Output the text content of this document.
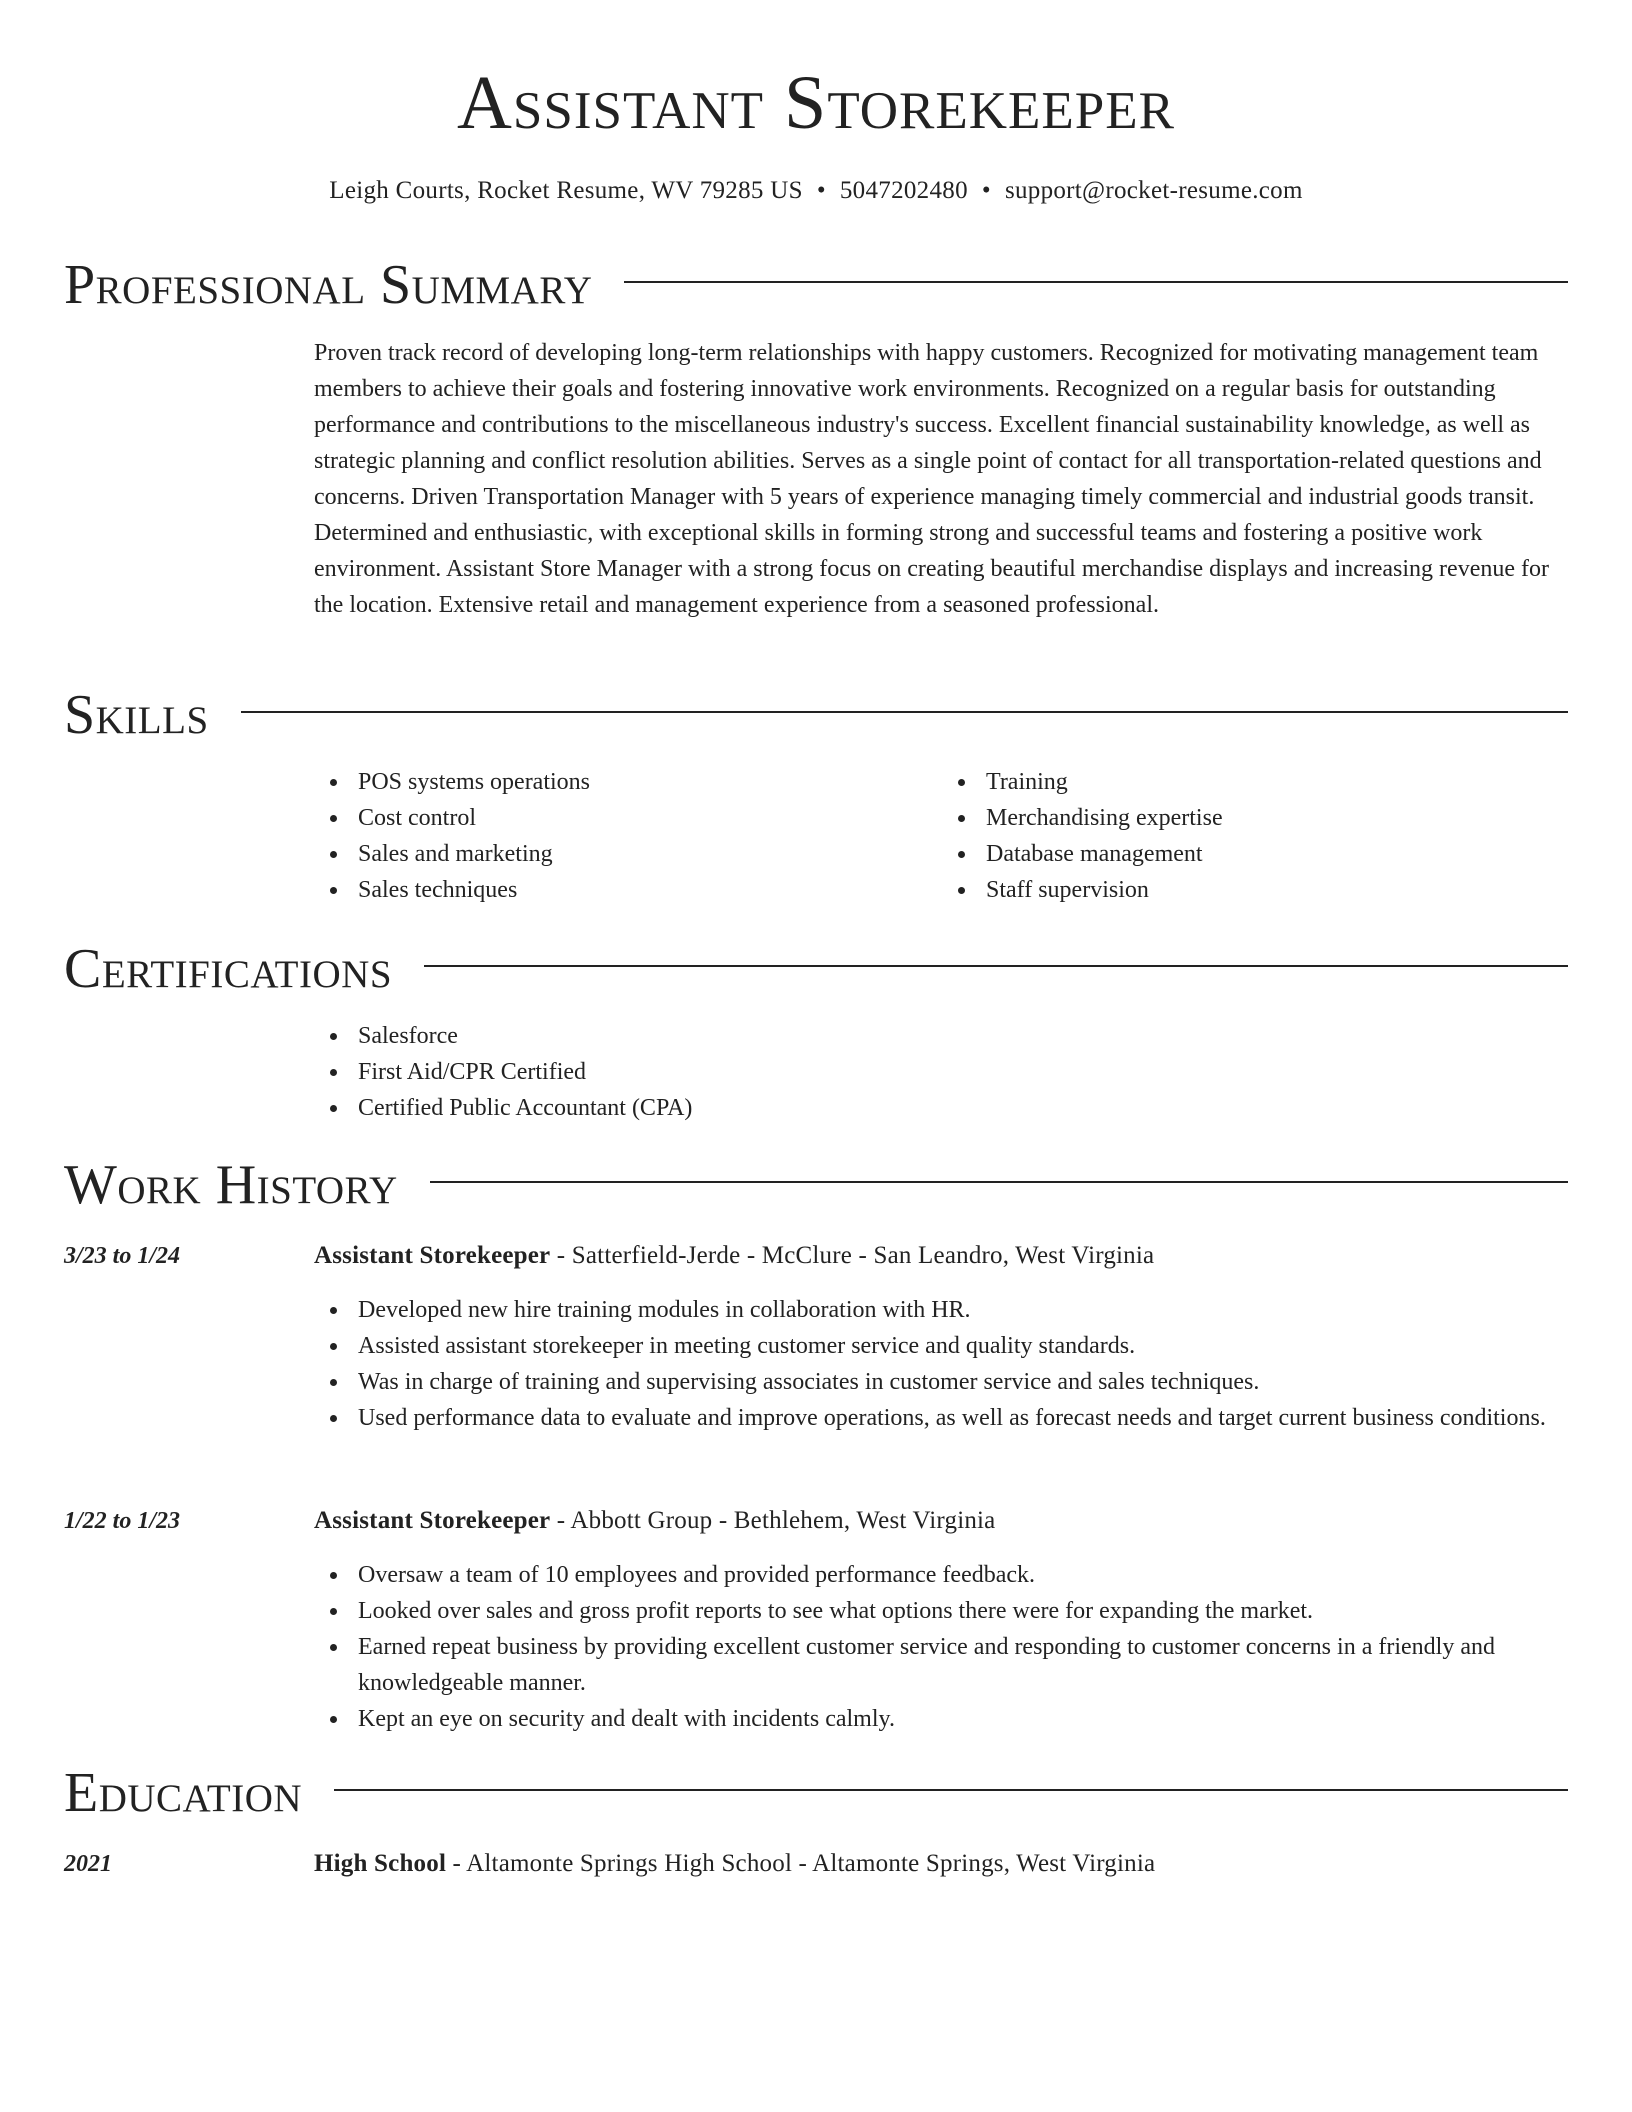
Assistant Storekeeper
Leigh Courts, Rocket Resume, WV 79285 US • 5047202480 • support@rocket-resume.com
Professional Summary

Proven track record of developing long-term relationships with happy customers. Recognized for motivating management team members to achieve their goals and fostering innovative work environments. Recognized on a regular basis for outstanding performance and contributions to the miscellaneous industry's success. Excellent financial sustainability knowledge, as well as strategic planning and conflict resolution abilities. Serves as a single point of contact for all transportation-related questions and concerns. Driven Transportation Manager with 5 years of experience managing timely commercial and industrial goods transit. Determined and enthusiastic, with exceptional skills in forming strong and successful teams and fostering a positive work environment. Assistant Store Manager with a strong focus on creating beautiful merchandise displays and increasing revenue for the location. Extensive retail and management experience from a seasoned professional.

Skills
POS systems operations
Cost control
Sales and marketing
Sales techniques
Training
Merchandising expertise
Database management
Staff supervision
Certifications
Salesforce
First Aid/CPR Certified
Certified Public Accountant (CPA)
Work History
3/23 to 1/24	Assistant Storekeeper - Satterfield-Jerde - McClure - San Leandro, West Virginia
Developed new hire training modules in collaboration with HR.
Assisted assistant storekeeper in meeting customer service and quality standards.
Was in charge of training and supervising associates in customer service and sales techniques.
Used performance data to evaluate and improve operations, as well as forecast needs and target current business conditions.
1/22 to 1/23	Assistant Storekeeper - Abbott Group - Bethlehem, West Virginia
Oversaw a team of 10 employees and provided performance feedback.
Looked over sales and gross profit reports to see what options there were for expanding the market.
Earned repeat business by providing excellent customer service and responding to customer concerns in a friendly and knowledgeable manner.
Kept an eye on security and dealt with incidents calmly.
Education
2021	High School - Altamonte Springs High School - Altamonte Springs, West Virginia
